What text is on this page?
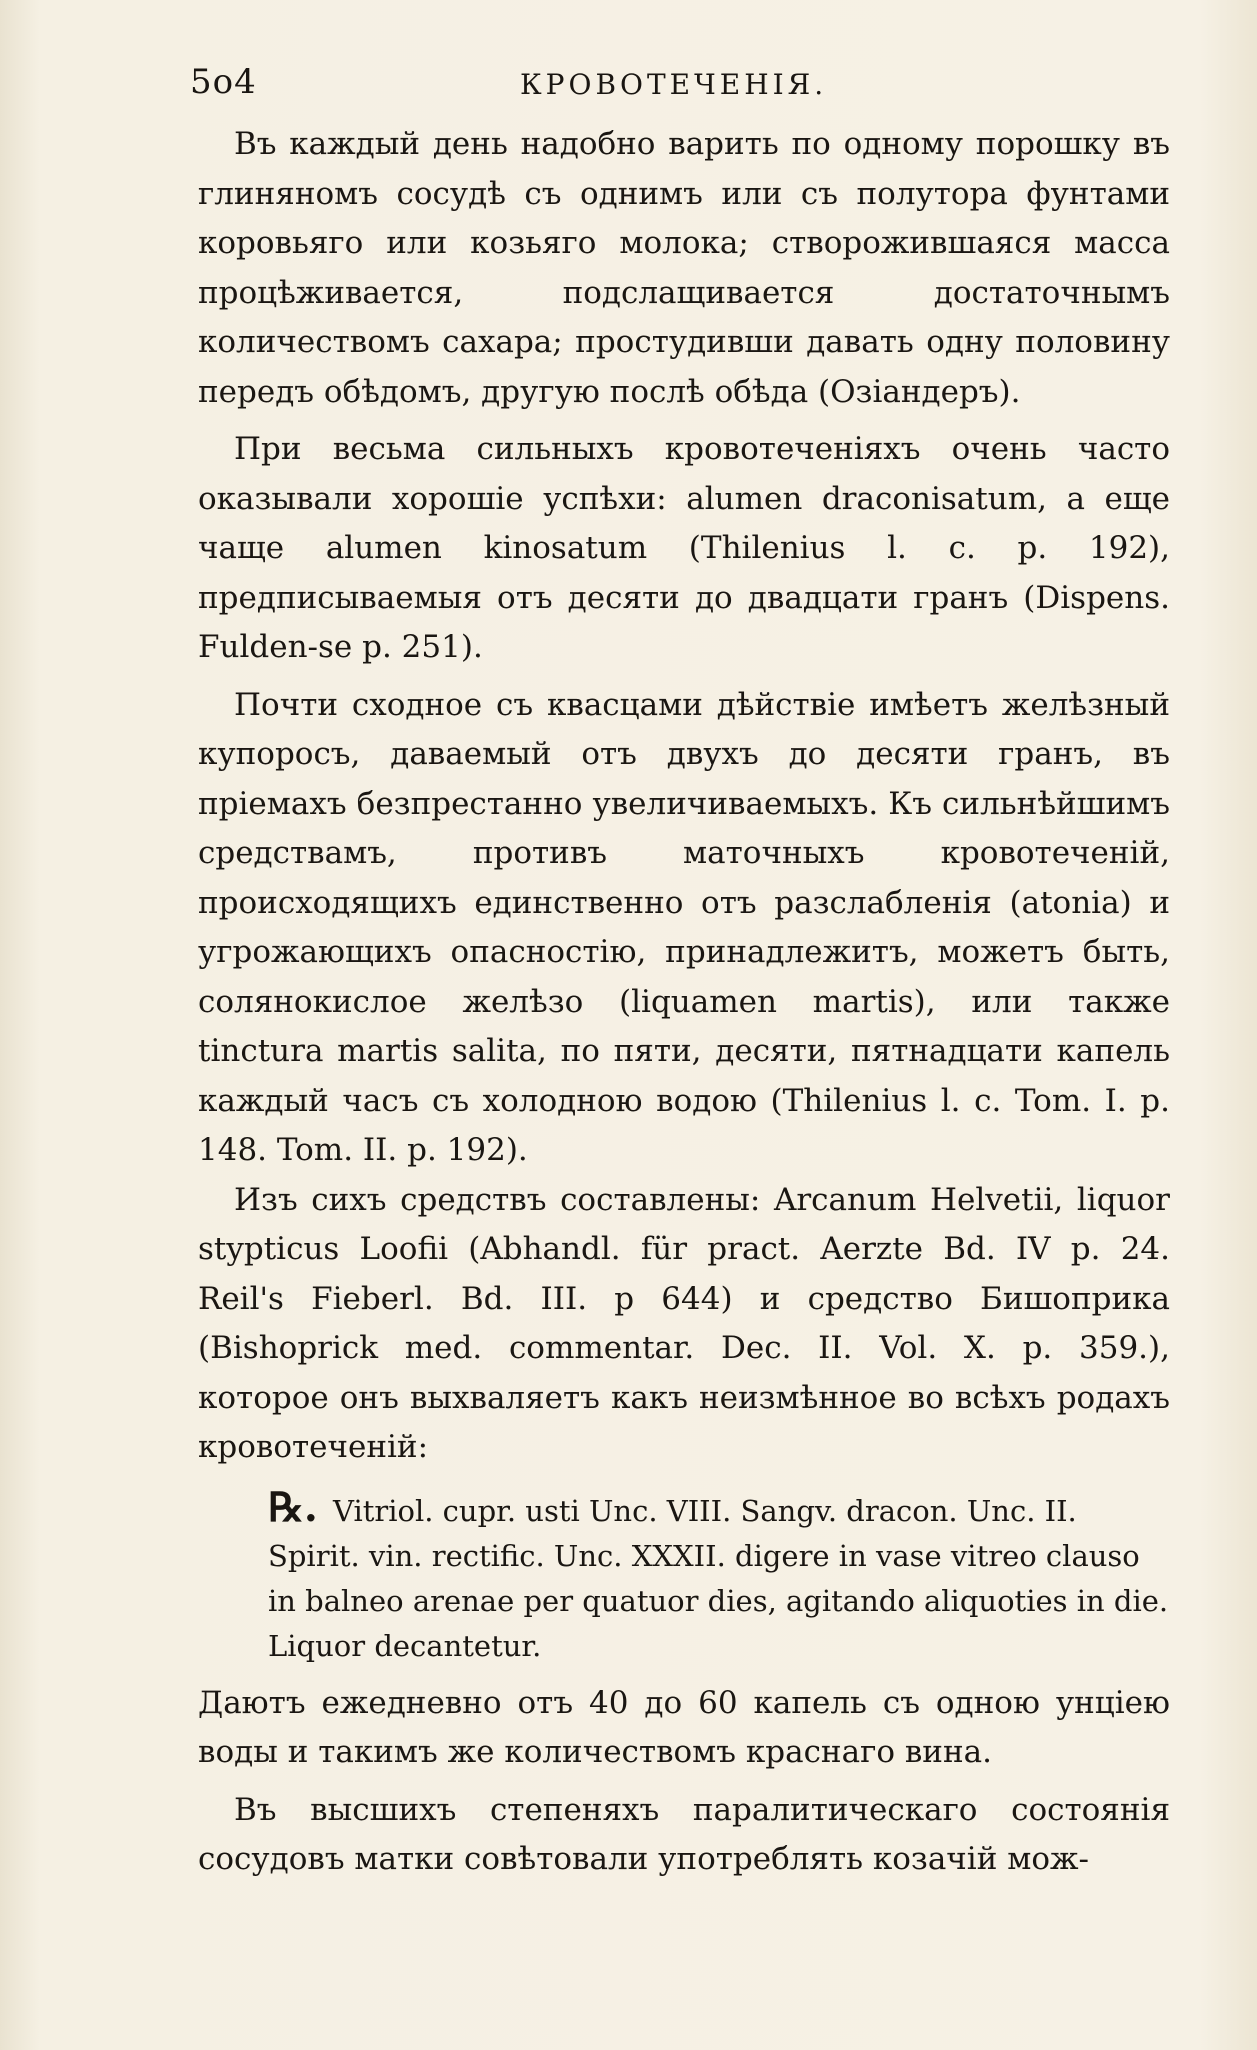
5о4	КРОВОТЕЧЕНІЯ.

Въ каждый день надобно варить по одному порошку въ глиняномъ сосудѣ съ однимъ или съ полутора фунтами коровьяго или козьяго молока; створожившаяся масса процѣживается, подслащивается достаточнымъ количествомъ сахара; простудивши давать одну половину передъ обѣдомъ, другую послѣ обѣда (Озіандеръ).

При весьма сильныхъ кровотеченіяхъ очень часто оказывали хорошіе успѣхи: alumen draconisatum, а еще чаще alumen kinosatum (Thilenius l. c. p. 192), предписываемыя отъ десяти до двадцати гранъ (Dispens. Fulden-se p. 251).

Почти сходное съ квасцами дѣйствіе имѣетъ желѣзный купоросъ, даваемый отъ двухъ до десяти гранъ, въ пріемахъ безпрестанно увеличиваемыхъ. Къ сильнѣйшимъ средствамъ, противъ маточныхъ кровотеченій, происходящихъ единственно отъ разслабленія (atonia) и угрожающихъ опасностію, принадлежитъ, можетъ быть, солянокислое желѣзо (liquamen martis), или также tinctura martis salita, по пяти, десяти, пятнадцати капель каждый часъ съ холодною водою (Thilenius l. c. Tom. I. p. 148. Tom. II. p. 192).

Изъ сихъ средствъ составлены: Arcanum Helvetii, liquor stypticus Loofii (Abhandl. für pract. Aerzte Bd. IV p. 24. Reil's Fieberl. Bd. III. p 644) и средство Бишоприка (Bishoprick med. commentar. Dec. II. Vol. X. p. 359.), которое онъ выхваляетъ какъ неизмѣнное во всѣхъ родахъ кровотеченій:

℞. Vitriol. cupr. usti Unc. VIII. Sangv. dracon. Unc. II. Spirit. vin. rectific. Unc. XXXII. digere in vase vitreo clauso in balneo arenae per quatuor dies, agitando aliquoties in die. Liquor decantetur.

Даютъ ежедневно отъ 40 до 60 капель съ одною унціею воды и такимъ же количествомъ краснаго вина.

Въ высшихъ степеняхъ паралитическаго состоянія сосудовъ матки совѣтовали употреблять козачій мож-
